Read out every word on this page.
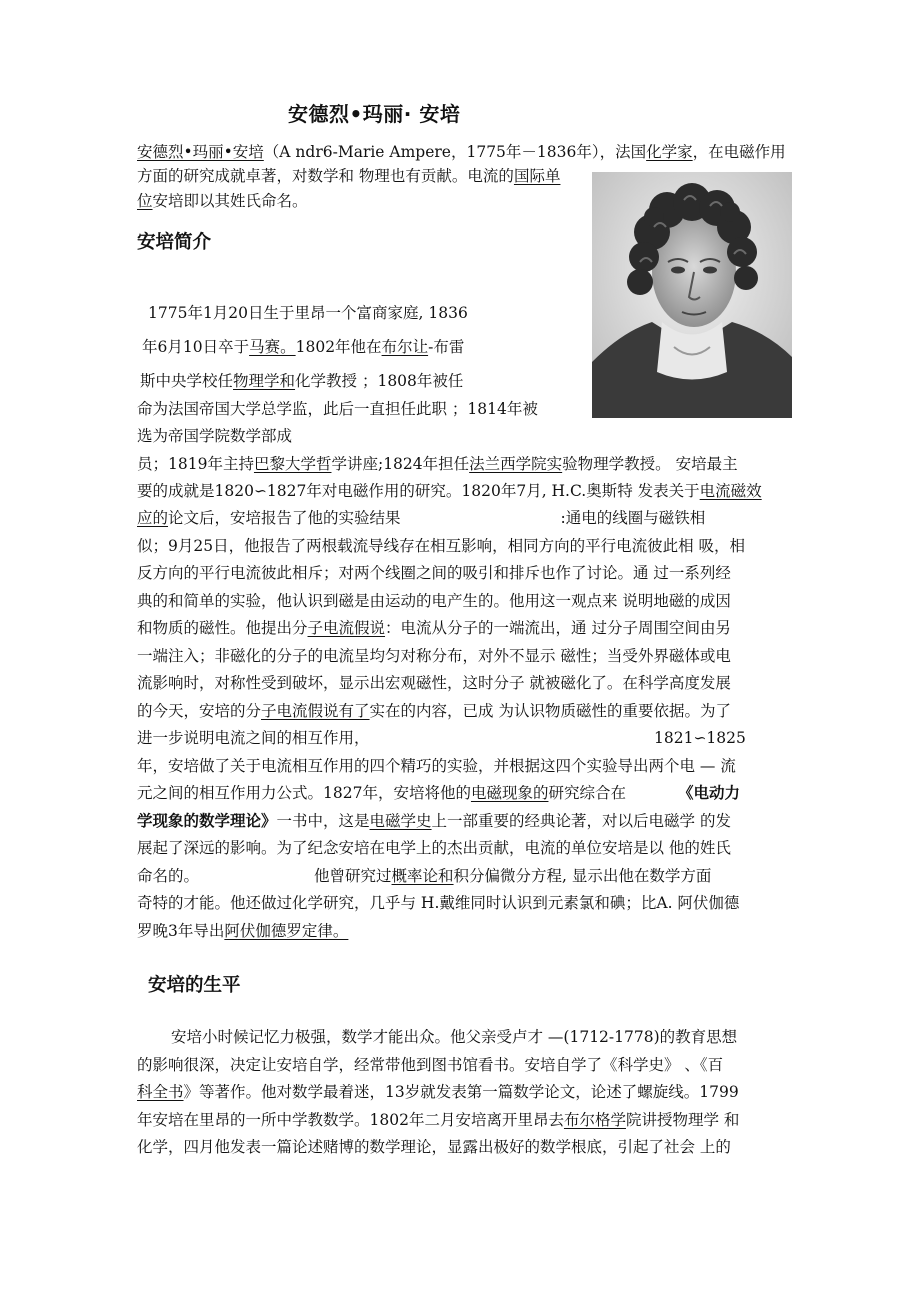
安德烈•玛丽· 安培
安德烈•玛丽•安培（A ndr6-Marie Ampere，1775年－1836年），法国化学家，在电磁作用
方面的研究成就卓著，对数学和 物理也有贡献。电流的国际单
位安培即以其姓氏命名。
安培简介
1775年1月20日生于里昂一个富商家庭, 1836
年6月10日卒于马赛。1802年他在布尔让-布雷
斯中央学校任物理学和化学教授 ；1808年被任
命为法国帝国大学总学监，此后一直担任此职 ；1814年被
选为帝国学院数学部成
员；1819年主持巴黎大学哲学讲座;1824年担任法兰西学院实验物理学教授。 安培最主
要的成就是1820∽1827年对电磁作用的研究。1820年7月, H.C.奥斯特 发表关于电流磁效
应的论文后，安培报告了他的实验结果	:通电的线圈与磁铁相
似；9月25日，他报告了两根载流导线存在相互影响，相同方向的平行电流彼此相 吸，相
反方向的平行电流彼此相斥；对两个线圈之间的吸引和排斥也作了讨论。通 过一系列经
典的和简单的实验，他认识到磁是由运动的电产生的。他用这一观点来 说明地磁的成因
和物质的磁性。他提出分子电流假说：电流从分子的一端流出，通 过分子周围空间由另
一端注入；非磁化的分子的电流呈均匀对称分布，对外不显示 磁性；当受外界磁体或电
流影响时，对称性受到破坏，显示出宏观磁性，这时分子 就被磁化了。在科学高度发展
的今天，安培的分子电流假说有了实在的内容，已成 为认识物质磁性的重要依据。为了
进一步说明电流之间的相互作用，	1821∽1825
年，安培做了关于电流相互作用的四个精巧的实验，并根据这四个实验导出两个电 — 流
元之间的相互作用力公式。1827年，安培将他的电磁现象的研究综合在	《电动力
学现象的数学理论》一书中，这是电磁学史上一部重要的经典论著，对以后电磁学 的发
展起了深远的影响。为了纪念安培在电学上的杰出贡献，电流的单位安培是以 他的姓氏
命名的。	他曾研究过概率论和积分偏微分方程, 显示出他在数学方面
奇特的才能。他还做过化学研究，几乎与 H.戴维同时认识到元素氯和碘；比A. 阿伏伽德
罗晚3年导出阿伏伽德罗定律。
安培的生平
安培小时候记忆力极强，数学才能出众。他父亲受卢才 —(1712-1778)的教育思想
的影响很深，决定让安培自学，经常带他到图书馆看书。安培自学了《科学史》 、《百
科全书》等著作。他对数学最着迷，13岁就发表第一篇数学论文，论述了螺旋线。1799
年安培在里昂的一所中学教数学。1802年二月安培离开里昂去布尔格学院讲授物理学 和
化学，四月他发表一篇论述赌博的数学理论，显露出极好的数学根底，引起了社会 上的
